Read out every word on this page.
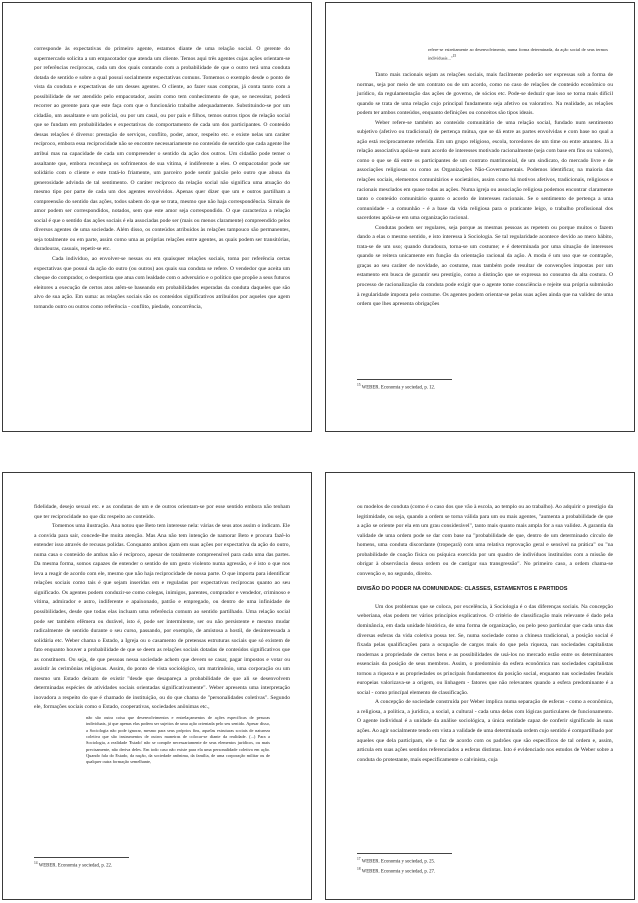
corresponde às expectativas do primeiro agente, estamos diante de uma relação social. O gerente do supermercado solicita a um empacotador que atenda um cliente. Temos aqui três agentes cujas ações orientam-se por referências recíprocas, cada um dos quais contando com a probabilidade de que o outro terá uma conduta dotada de sentido e sobre a qual possui socialmente expectativas comuns. Tomemos o exemplo desde o ponto de vista da conduta e expectativas de um desses agentes. O cliente, ao fazer suas compras, já conta tanto com a possibilidade de ser atendido pelo empacotador, assim como tem conhecimento de que, se necessitar, poderá recorrer ao gerente para que este faça com que o funcionário trabalhe adequadamente. Substituindo-se por um cidadão, um assaltante e um policial, ou por um casal, ou por pais e filhos, temos outros tipos de relação social que se fundam em probabilidades e expectativas do comportamento de cada um dos participantes. O conteúdo dessas relações é diverso: prestação de serviços, conflito, poder, amor, respeito etc. e existe nelas um caráter recíproco, embora essa reciprocidade não se encontre necessariamente no conteúdo de sentido que cada agente lhe atribui mas na capacidade de cada um compreender o sentido da ação dos outros. Um cidadão pode temer o assaltante que, embora reconheça os sofrimentos de sua vítima, é indiferente a eles. O empacotador pode ser solidário com o cliente e este tratá-lo friamente, um parceiro pode sentir paixão pelo outro que abusa da generosidade advinda de tal sentimento. O caráter recíproco da relação social não significa uma atuação do mesmo tipo por parte de cada um dos agentes envolvidos. Apenas quer dizer que um e outros partilham a compreensão do sentido das ações, todos sabem do que se trata, mesmo que não haja correspondência. Simais de amor podem ser correspondidos, notados, sem que este amor seja correspondido. O que caracteriza a relação social é que o sentido das ações sociais é ela associadas pode ser (mais ou menos claramente) compreendido pelos diversos agentes de uma sociedade. Além disso, os conteúdos atribuídos às relações tampouco são permanentes, seja totalmente ou em parte, assim como uma as próprias relações entre agentes, as quais podem ser transitórias, duradouras, casuais, repetit-se etc.

Cada indivíduo, ao envolver-se nessas ou em quaisquer relações sociais, toma por referência certas expectativas que possui da ação do outro (ou outros) aos quais sua conduta se refere. O vendedor que aceita um cheque do comprador, o desportista que atua com lealdade com o adversário e o político que propõe a seus futuros eleitores a execução de certos atos atêm-se baseando em probabilidades esperadas da conduta daqueles que são alvo de sua ação. Em suma: as relações sociais são os conteúdos significativos atribuídos por aqueles que agem tomando outro ou outros como referência - conflito, piedade, concorrência,

refere-se estreitamente ao desenvolvimento, numa forma determinada, da ação social de seus termos individuais..."$^{15}$

Tanto mais racionais sejam as relações sociais, mais facilmente poderão ser expressas sob a forma de normas, seja por meio de um contrato ou de um acordo, como no caso de relações de conteúdo econômico ou jurídico, da regulamentação das ações de governo, de sócios etc. Pode-se deduzir que isso se torna mais difícil quando se trata de uma relação cujo principal fundamento seja afetivo ou valorativo. Na realidade, as relações podem ter ambos conteúdos, enquanto definições ou conceitos são tipos ideais.

Weber refere-se também ao conteúdo comunitário de uma relação social, fundado num sentimento subjetivo (afetivo ou tradicional) de pertença mútua, que se dá entre as partes envolvidas e com base no qual a ação está reciprocamente referida. Em um grupo religioso, escola, torcedores de um time ou entre amantes. Já a relação associativa apóia-se num acordo de interesses motivado racionalmente (seja com base em fins ou valores), como o que se dá entre os participantes de um contrato matrimonial, de um sindicato, do mercado livre e de associações religiosas ou como as Organizações Não-Governamentais. Podemos identificar, na maioria das relações sociais, elementos comunitários e societários, assim como há motivos afetivos, tradicionais, religiosos e racionais mesclados em quase todas as ações. Numa igreja ou associação religiosa podemos encontrar claramente tanto o conteúdo comunitário quanto o acordo de interesses racionais. Se o sentimento de pertença a uma comunidade - a comunhão - é a base da vida religiosa para o praticante leigo, o trabalho profissional dos sacerdotes apóia-se em uma organização racional.

Condutas podem ser regulares, seja porque as mesmas pessoas as repetem ou porque muitos o fazem dando a elas o mesmo sentido, e isto interessa à Sociologia. Se tal regularidade acontece devido ao mero hábito, trata-se de um uso; quando duradoura, torna-se um costume; e é determinada por uma situação de interesses quando se reitera unicamente em função da orientação racional da ação. A moda é um uso que se contrapõe, graças ao seu caráter de novidade, ao costume, mas também pode resultar de convenções impostas por um estamento em busca de garantir seu prestígio, como a distinção que se expressa no consumo da alta costura. O processo de racionalização da conduta pode exigir que o agente tome consciência e rejeite sua própria submissão à regularidade imposta pelo costume. Os agentes podem orientar-se pelas suas ações ainda que na validez de uma ordem que lhes apresenta obrigações

$^{15}$ WEBER. Economia y sociedad, p. 12.

fidelidade, desejo sexual etc. e as condutas de um e de outros orientam-se por esse sentido embora não tenham que ter reciprocidade no que diz respeito ao conteúdo.

Tomemos uma ilustração. Ana notou que Beto tem interesse nela: várias de seus atos assim o indicam. Ele a convida para sair, concede-lhe muita atenção. Mas Ana não tem intenção de namorar Beto e procura fazê-lo entender isso através de recusas polidas. Conquanto ambos ajam em suas ações por expectativa da ação do outro, numa casa o conteúdo de ambas não é recíproco, apesar de totalmente compreensível para cada uma das partes. Da mesma forma, somos capazes de entender o sentido de um gesto violento numa agressão, e é isto o que nos leva a reagir de acordo com ele, mesmo que não haja reciprocidade de nossa parte. O que importa para identificar relações sociais como tais é que sejam inseridas em e reguladas por expectativas recíprocas quanto ao seu significado. Os agentes podem conduzir-se como colegas, inimigos, parentes, comprador e vendedor, criminoso e vítima, admirador e astro, indiferente e apaixonado, patrão e empregado, ou dentro de uma infinidade de possibilidades, desde que todas elas incluam uma referência comum ao sentido partilhado. Uma relação social pode ser também efêmera ou durável, isto é, pode ser intermitente, ser ou não persistente e mesmo mudar radicalmente de sentido durante o seu curso, passando, por exemplo, de amistosa a hostil, de desinteressada a solidária etc. Weber chama o Estado, a Igreja ou o casamento de pretensas estruturas sociais que só existem de fato enquanto houver a probabilidade de que se deem as relações sociais dotadas de conteúdos significativos que as constituem. Ou seja, de que pessoas nessa sociedade achem que devem se casar, pagar impostos e votar ou assistir às cerimônias religiosas. Assim, do ponto de vista sociológico, um matrimônio, uma corporação ou um mesmo um Estado deixam de existir "desde que desapareça a probabilidade de que ali se desenvolvem determinadas espécies de atividades sociais orientadas significativamente". Weber apresenta uma interpretação inovadora a respeito do que é chamado de instituição, ou do que chama de "personalidades coletivas". Segundo ele, formações sociais como o Estado, cooperativas, sociedades anônimas etc.,

não são outra coisa que desenvolvimentos e entrelaçamentos de ações específicas de pessoas individuais, já que apenas elas podem ser sujeitos de uma ação orientada pelo seu sentido. Apesar disso, a Sociologia não pode ignorar, mesmo para seus próprios fins, aquelas estruturas sociais de natureza coletiva que são instrumentos de outros maneiras de colocar-se diante da realidade. (...) Para a Sociologia, a realidade 'Estado' não se compõe necessariamente de seus elementos jurídicos, ou mais precisamente, não deriva deles. Em todo caso não existe para ela uma personalidade coletiva em ação. Quando fala do Estado, da nação, da sociedade anônima, da família, de uma corporação militar ou de qualquer outra formação semelhante,

$^{14}$ WEBER. Economia y sociedad, p. 22.

ou modelos de conduta (como é o caso dos que vão à escola, ao templo ou ao trabalho). Ao adquirir o prestígio da legitimidade, ou seja, quando a ordem se torna válida para um ou mais agentes, "aumenta a probabilidade de que a ação se oriente por ela em um grau considerável", tanto mais quanto mais ampla for a sua validez. A garantia da validade de uma ordem pode se dar com base na "probabilidade de que, dentro de um determinado círculo de homens, uma conduta discordante (tropeçará) com uma relativa reprovação geral e sensível na prática" ou "na probabilidade de coação física ou psíquica exercida por um quadro de indivíduos instituídos com a missão de obrigar à observância dessa ordem ou de castigar sua transgressão". No primeiro caso, a ordem chama-se convenção e, no segundo, direito.

DIVISÃO DO PODER NA COMUNIDADE: CLASSES, ESTAMENTOS E PARTIDOS

Um dos problemas que se coloca, por excelência, à Sociologia é o das diferenças sociais. Na concepção weberiana, elas podem ter vários princípios explicativos. O critério de classificação mais relevante é dado pela dominância, em dada unidade histórica, de uma forma de organização, ou pelo peso particular que cada uma das diversas esferas da vida coletiva possa ter. Se, numa sociedade como a chinesa tradicional, a posição social é fixada pelas qualificações para a ocupação de cargos mais do que pela riqueza, nas sociedades capitalistas modernas a propriedade de certos bens e as possibilidades de usá-los no mercado estão entre os determinantes essenciais da posição de seus membros. Assim, o predomínio da esfera econômica nas sociedades capitalistas tornou a riqueza e as propriedades os principais fundamentos da posição social, enquanto nas sociedades feudais europeias valorizava-se a origem, ou linhagem - fatores que não relevantes quando a esfera predominante é a social - como princípal elemento de classificação.

A concepção de sociedade construída por Weber implica numa separação de esferas - como a econômica, a religiosa, a política, a jurídica, a social, a cultural - cada uma delas com lógicas particulares de funcionamento. O agente individual é a unidade da análise sociológica, a única entidade capaz de conferir significado às suas ações. Ao agir socialmente tendo em vista a validade de uma determinada ordem cujo sentido é compartilhado por aqueles que dela participam, ele o faz de acordo com os padrões que são específicos de tal ordem e, assim, articula em suas ações sentidos referenciados a esferas distintas. Isto é evidenciado nos estudos de Weber sobre a conduta do protestante, mais especificamente o calvinista, cuja

$^{17}$ WEBER. Economia y sociedad, p. 25.

$^{18}$ WEBER. Economia y sociedad, p. 27.
